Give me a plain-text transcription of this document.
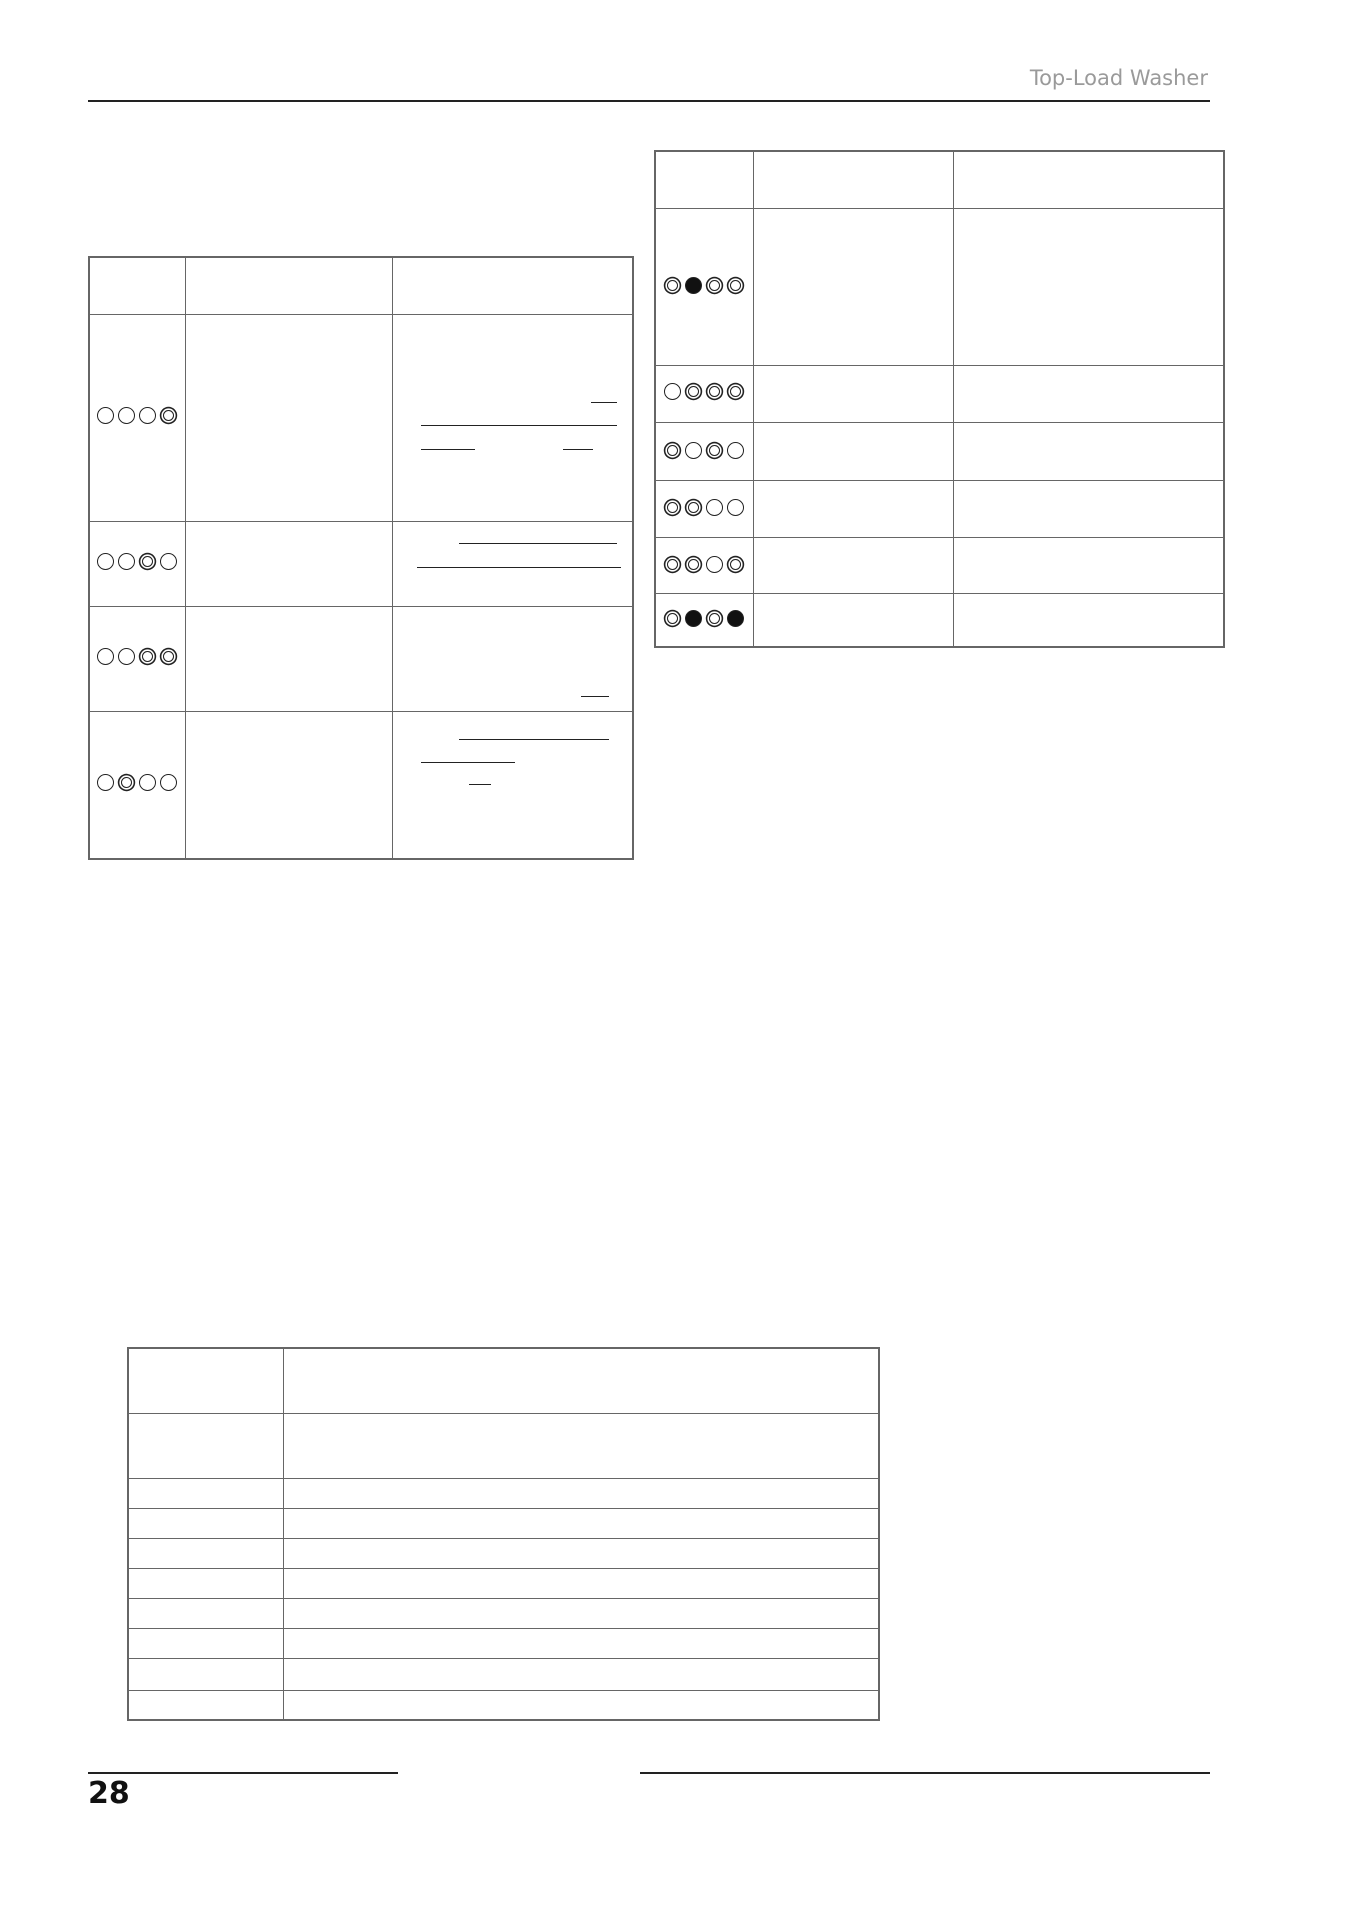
Top-Load Washer

28
